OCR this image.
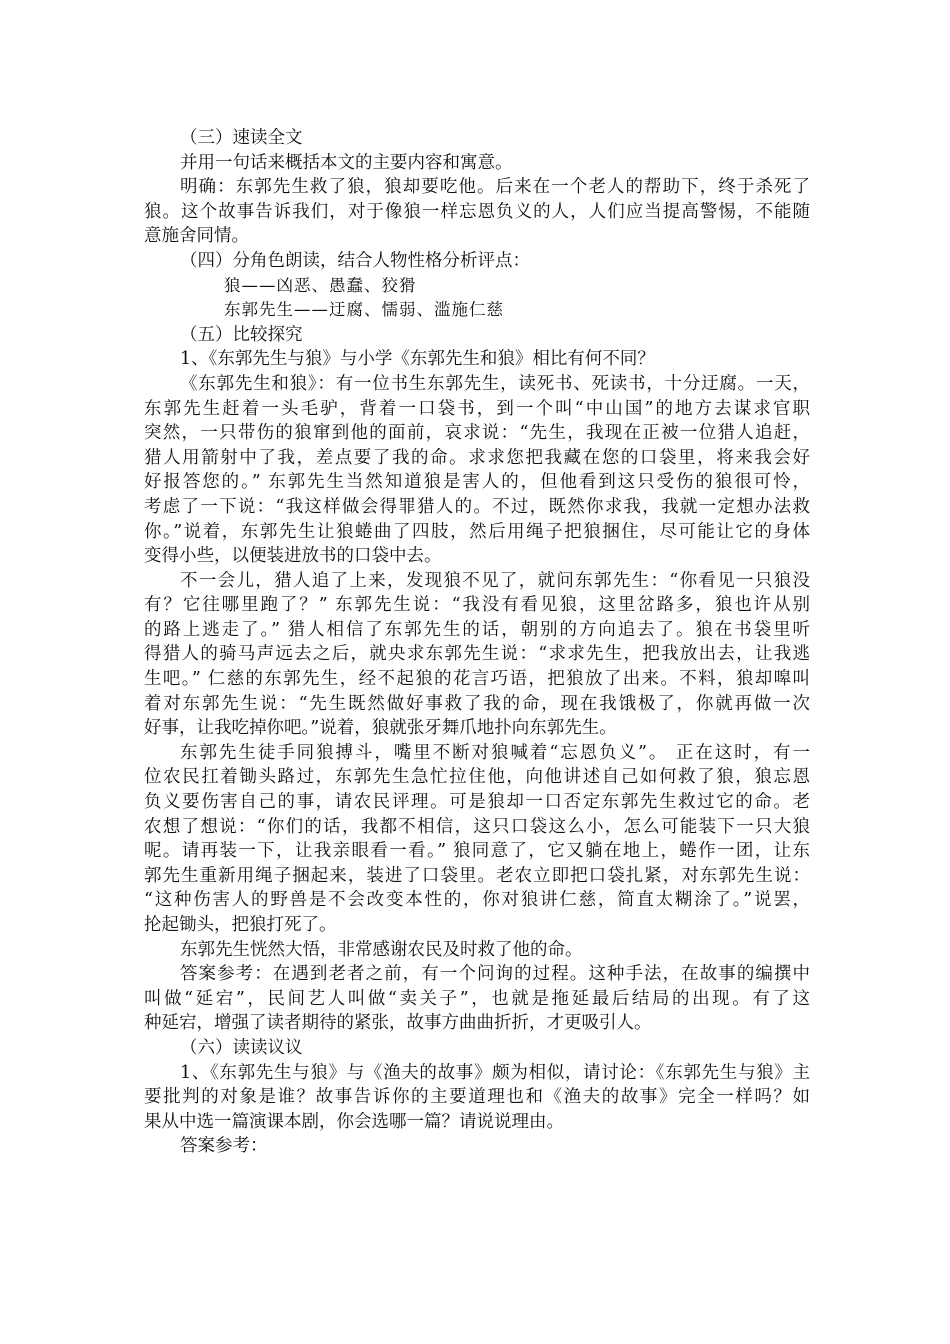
（三）速读全文
并用一句话来概括本文的主要内容和寓意。
明确：东郭先生救了狼，狼却要吃他。后来在一个老人的帮助下，终于杀死了
狼。这个故事告诉我们，对于像狼一样忘恩负义的人，人们应当提高警惕，不能随
意施舍同情。
（四）分角色朗读，结合人物性格分析评点：
狼——凶恶、愚蠢、狡猾
东郭先生——迂腐、懦弱、滥施仁慈
（五）比较探究
1、《东郭先生与狼》与小学《东郭先生和狼》相比有何不同？
《东郭先生和狼》：有一位书生东郭先生，读死书、死读书，十分迂腐。一天，
东郭先生赶着一头毛驴，背着一口袋书，到一个叫“中山国”的地方去谋求官职
突然，一只带伤的狼窜到他的面前，哀求说：“先生，我现在正被一位猎人追赶，
猎人用箭射中了我，差点要了我的命。求求您把我藏在您的口袋里，将来我会好
好报答您的。” 东郭先生当然知道狼是害人的，但他看到这只受伤的狼很可怜，
考虑了一下说：“我这样做会得罪猎人的。不过，既然你求我，我就一定想办法救
你。”说着，东郭先生让狼蜷曲了四肢，然后用绳子把狼捆住，尽可能让它的身体
变得小些，以便装进放书的口袋中去。
不一会儿，猎人追了上来，发现狼不见了，就问东郭先生：“你看见一只狼没
有？它往哪里跑了？” 东郭先生说：“我没有看见狼，这里岔路多，狼也许从别
的路上逃走了。” 猎人相信了东郭先生的话，朝别的方向追去了。狼在书袋里听
得猎人的骑马声远去之后，就央求东郭先生说：“求求先生，把我放出去，让我逃
生吧。” 仁慈的东郭先生，经不起狼的花言巧语，把狼放了出来。不料，狼却嗥叫
着对东郭先生说：“先生既然做好事救了我的命，现在我饿极了，你就再做一次
好事，让我吃掉你吧。”说着，狼就张牙舞爪地扑向东郭先生。
东郭先生徒手同狼搏斗，嘴里不断对狼喊着“忘恩负义”。 正在这时，有一
位农民扛着锄头路过，东郭先生急忙拉住他，向他讲述自己如何救了狼，狼忘恩
负义要伤害自己的事，请农民评理。可是狼却一口否定东郭先生救过它的命。老
农想了想说：“你们的话，我都不相信，这只口袋这么小，怎么可能装下一只大狼
呢。请再装一下，让我亲眼看一看。” 狼同意了，它又躺在地上，蜷作一团，让东
郭先生重新用绳子捆起来，装进了口袋里。老农立即把口袋扎紧，对东郭先生说：
“这种伤害人的野兽是不会改变本性的，你对狼讲仁慈，简直太糊涂了。”说罢，
抡起锄头，把狼打死了。
东郭先生恍然大悟，非常感谢农民及时救了他的命。
答案参考：在遇到老者之前，有一个问询的过程。这种手法，在故事的编撰中
叫做“延宕”，民间艺人叫做“卖关子”，也就是拖延最后结局的出现。有了这
种延宕，增强了读者期待的紧张，故事方曲曲折折，才更吸引人。
（六）读读议议
1、《东郭先生与狼》与《渔夫的故事》颇为相似，请讨论：《东郭先生与狼》主
要批判的对象是谁？故事告诉你的主要道理也和《渔夫的故事》完全一样吗？如
果从中选一篇演课本剧，你会选哪一篇？请说说理由。
答案参考：
